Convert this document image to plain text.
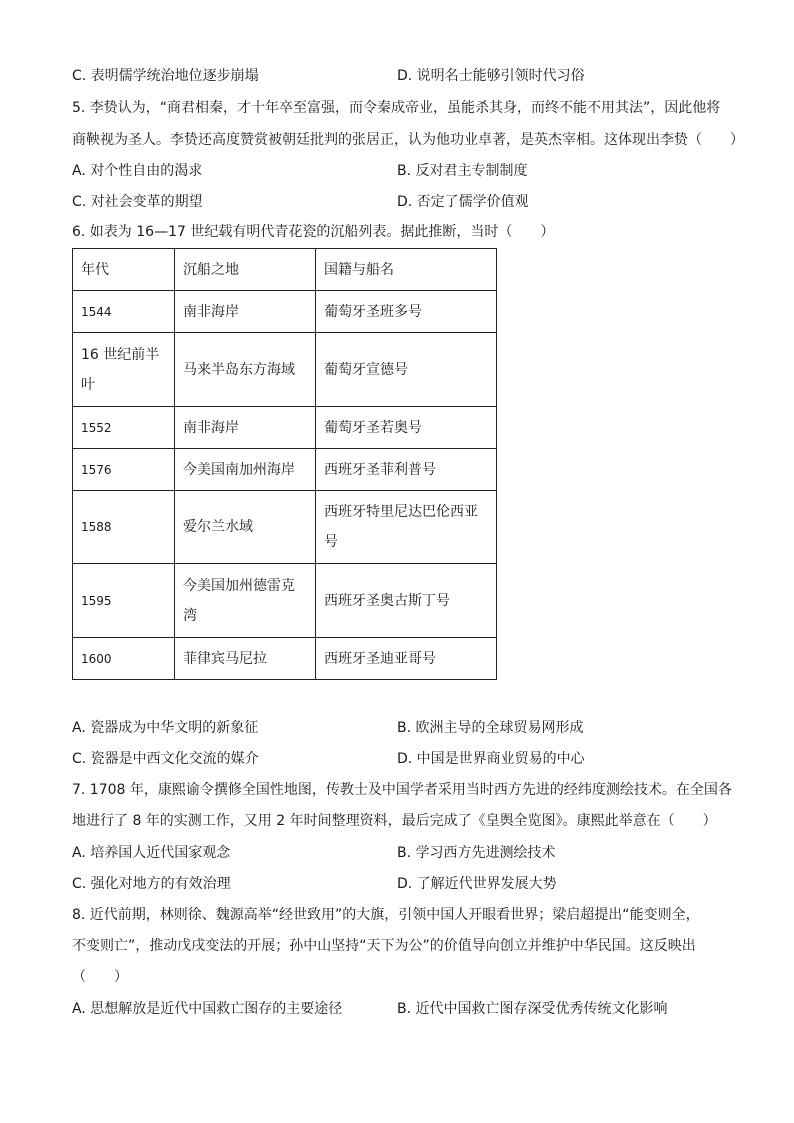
C. 表明儒学统治地位逐步崩塌	D. 说明名士能够引领时代习俗
5. 李贽认为，“商君相秦，才十年卒至富强，而令秦成帝业，虽能杀其身，而终不能不用其法”，因此他将
商鞅视为圣人。李贽还高度赞赏被朝廷批判的张居正，认为他功业卓著，是英杰宰相。这体现出李贽（　　）
A. 对个性自由的渴求	B. 反对君主专制制度
C. 对社会变革的期望	D. 否定了儒学价值观
6. 如表为 16—17 世纪载有明代青花瓷的沉船列表。据此推断，当时（　　）
年代	沉船之地	国籍与船名
1544	南非海岸	葡萄牙圣班多号
16 世纪前半叶	马来半岛东方海域	葡萄牙宣德号
1552	南非海岸	葡萄牙圣若奥号
1576	今美国南加州海岸	西班牙圣菲利普号
1588	爱尔兰水域	西班牙特里尼达巴伦西亚号
1595	今美国加州德雷克湾	西班牙圣奥古斯丁号
1600	菲律宾马尼拉	西班牙圣迪亚哥号
A. 瓷器成为中华文明的新象征	B. 欧洲主导的全球贸易网形成
C. 瓷器是中西文化交流的媒介	D. 中国是世界商业贸易的中心
7. 1708 年，康熙谕令撰修全国性地图，传教士及中国学者采用当时西方先进的经纬度测绘技术。在全国各
地进行了 8 年的实测工作，又用 2 年时间整理资料，最后完成了《皇舆全览图》。康熙此举意在（　　）
A. 培养国人近代国家观念	B. 学习西方先进测绘技术
C. 强化对地方的有效治理	D. 了解近代世界发展大势
8. 近代前期，林则徐、魏源高举“经世致用”的大旗，引领中国人开眼看世界；梁启超提出“能变则全，
不变则亡”，推动戊戌变法的开展；孙中山坚持“天下为公”的价值导向创立并维护中华民国。这反映出
（　　）
A. 思想解放是近代中国救亡图存的主要途径	B. 近代中国救亡图存深受优秀传统文化影响
